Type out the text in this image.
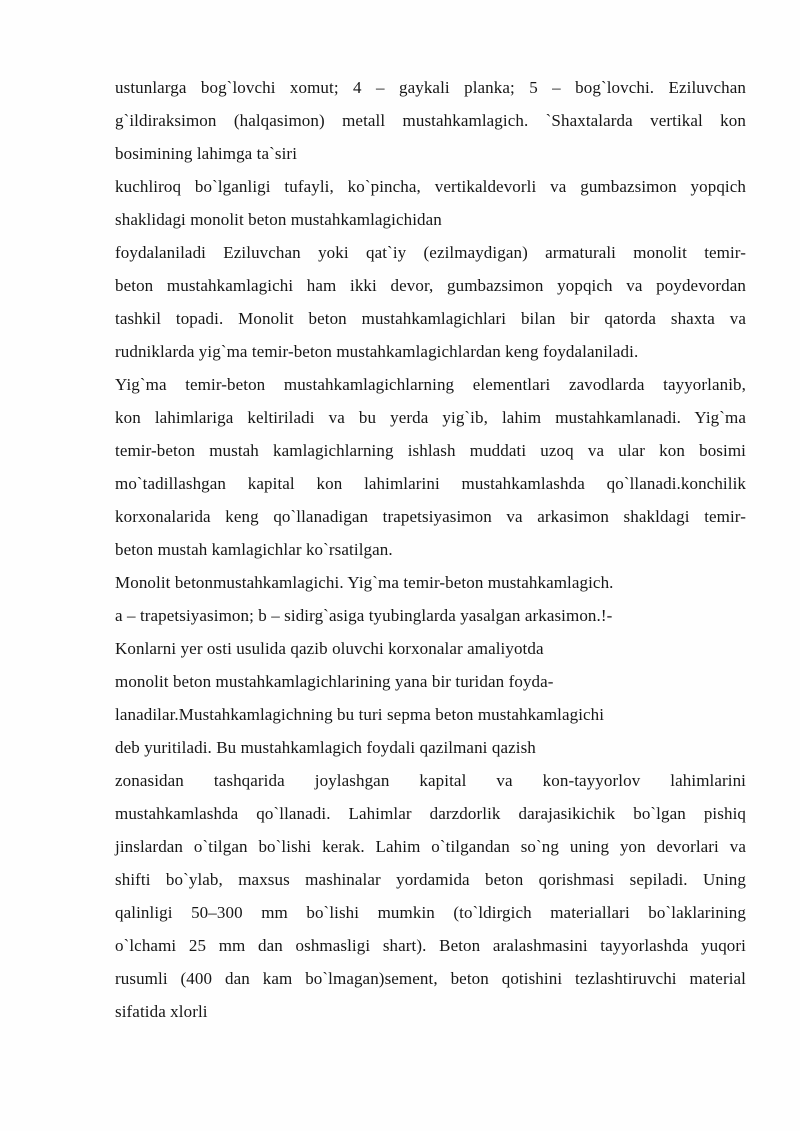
ustunlarga bog`lovchi xomut; 4 – gaykali planka; 5 – bog`lovchi. Eziluvchan
g`ildiraksimon (halqasimon) metall mustahkamlagich. `Shaxtalarda vertikal kon
bosimining lahimga ta`siri
kuchliroq bo`lganligi tufayli, ko`pincha, vertikaldevorli va gumbazsimon yopqich
shaklidagi monolit beton mustahkamlagichidan
foydalaniladi Eziluvchan yoki qat`iy (ezilmaydigan) armaturali monolit temir-
beton mustahkamlagichi ham ikki devor, gumbazsimon yopqich va poydevordan
tashkil topadi. Monolit beton mustahkamlagichlari bilan bir qatorda shaxta va
rudniklarda yig`ma temir-beton mustahkamlagichlardan keng foydalaniladi.
Yig`ma temir-beton mustahkamlagichlarning elementlari zavodlarda tayyorlanib,
kon lahimlariga keltiriladi va bu yerda yig`ib, lahim mustahkamlanadi. Yig`ma
temir-beton mustah kamlagichlarning ishlash muddati uzoq va ular kon bosimi
mo`tadillashgan kapital kon lahimlarini mustahkamlashda qo`llanadi.konchilik
korxonalarida keng qo`llanadigan trapetsiyasimon va arkasimon shakldagi temir-
beton mustah kamlagichlar ko`rsatilgan.
Monolit betonmustahkamlagichi. Yig`ma temir-beton mustahkamlagich.
a – trapetsiyasimon; b – sidirg`asiga tyubinglarda yasalgan arkasimon.!-
Konlarni yer osti usulida qazib oluvchi korxonalar amaliyotda
monolit beton mustahkamlagichlarining yana bir turidan foyda-
lanadilar.Mustahkamlagichning bu turi sepma beton mustahkamlagichi
deb yuritiladi. Bu mustahkamlagich foydali qazilmani qazish
zonasidan tashqarida joylashgan kapital va kon-tayyorlov lahimlarini
mustahkamlashda qo`llanadi. Lahimlar darzdorlik darajasikichik bo`lgan pishiq
jinslardan o`tilgan bo`lishi kerak. Lahim o`tilgandan so`ng uning yon devorlari va
shifti bo`ylab, maxsus mashinalar yordamida beton qorishmasi sepiladi. Uning
qalinligi 50–300 mm bo`lishi mumkin (to`ldirgich materiallari bo`laklarining
o`lchami 25 mm dan oshmasligi shart). Beton aralashmasini tayyorlashda yuqori
rusumli (400 dan kam bo`lmagan)sement, beton qotishini tezlashtiruvchi material
sifatida xlorli
